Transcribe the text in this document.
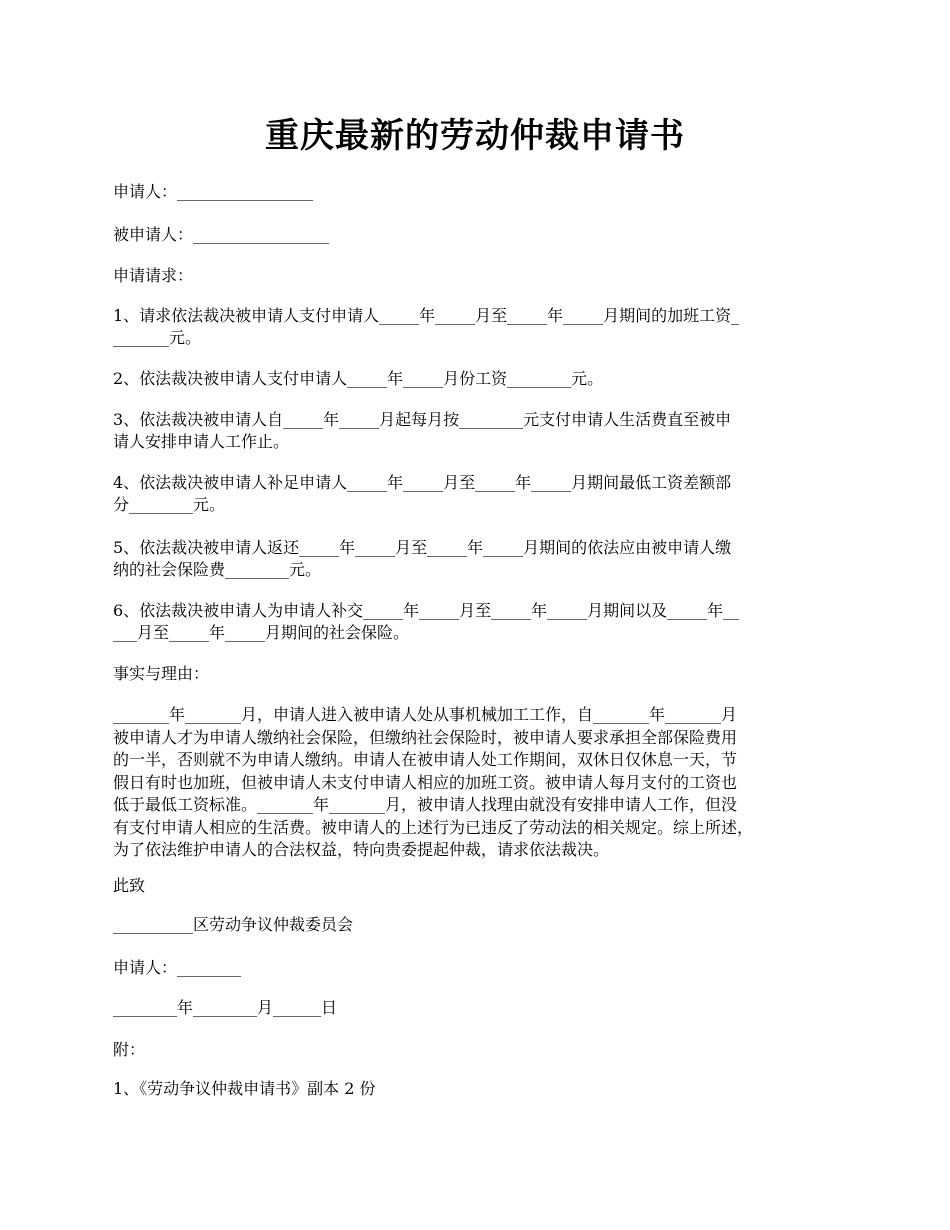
重庆最新的劳动仲裁申请书
申请人：_________________
被申请人：_________________
申请请求：
1、请求依法裁决被申请人支付申请人_____年_____月至_____年_____月期间的加班工资_
_______元。
2、依法裁决被申请人支付申请人_____年_____月份工资________元。
3、依法裁决被申请人自_____年_____月起每月按________元支付申请人生活费直至被申
请人安排申请人工作止。
4、依法裁决被申请人补足申请人_____年_____月至_____年_____月期间最低工资差额部
分________元。
5、依法裁决被申请人返还_____年_____月至_____年_____月期间的依法应由被申请人缴
纳的社会保险费________元。
6、依法裁决被申请人为申请人补交_____年_____月至_____年_____月期间以及_____年__
___月至_____年_____月期间的社会保险。
事实与理由：
_______年_______月，申请人进入被申请人处从事机械加工工作，自_______年_______月
被申请人才为申请人缴纳社会保险，但缴纳社会保险时，被申请人要求承担全部保险费用
的一半，否则就不为申请人缴纳。申请人在被申请人处工作期间，双休日仅休息一天，节
假日有时也加班，但被申请人未支付申请人相应的加班工资。被申请人每月支付的工资也
低于最低工资标准。_______年_______月，被申请人找理由就没有安排申请人工作，但没
有支付申请人相应的生活费。被申请人的上述行为已违反了劳动法的相关规定。综上所述，
为了依法维护申请人的合法权益，特向贵委提起仲裁，请求依法裁决。
此致
__________区劳动争议仲裁委员会
申请人：________
________年________月______日
附：
1、《劳动争议仲裁申请书》副本 2 份
